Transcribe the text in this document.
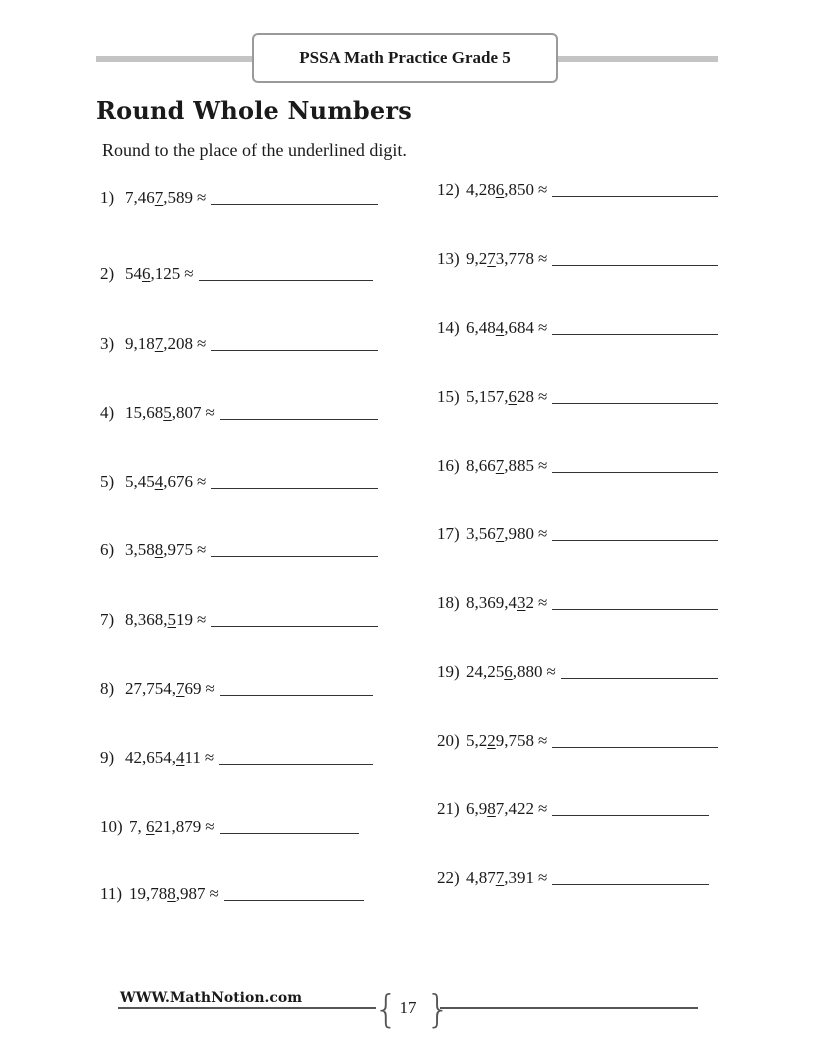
PSSA Math Practice Grade 5
Round Whole Numbers
Round to the place of the underlined digit.
1) 7,467,589 ≈
2) 546,125 ≈
3) 9,187,208 ≈
4) 15,685,807 ≈
5) 5,454,676 ≈
6) 3,588,975 ≈
7) 8,368,519 ≈
8) 27,754,769 ≈
9) 42,654,411 ≈
10) 7, 621,879 ≈
11) 19,788,987 ≈
12) 4,286,850 ≈
13) 9,273,778 ≈
14) 6,484,684 ≈
15) 5,157,628 ≈
16) 8,667,885 ≈
17) 3,567,980 ≈
18) 8,369,432 ≈
19) 24,256,880 ≈
20) 5,229,758 ≈
21) 6,987,422 ≈
22) 4,877,391 ≈
WWW.MathNotion.com { }
17
